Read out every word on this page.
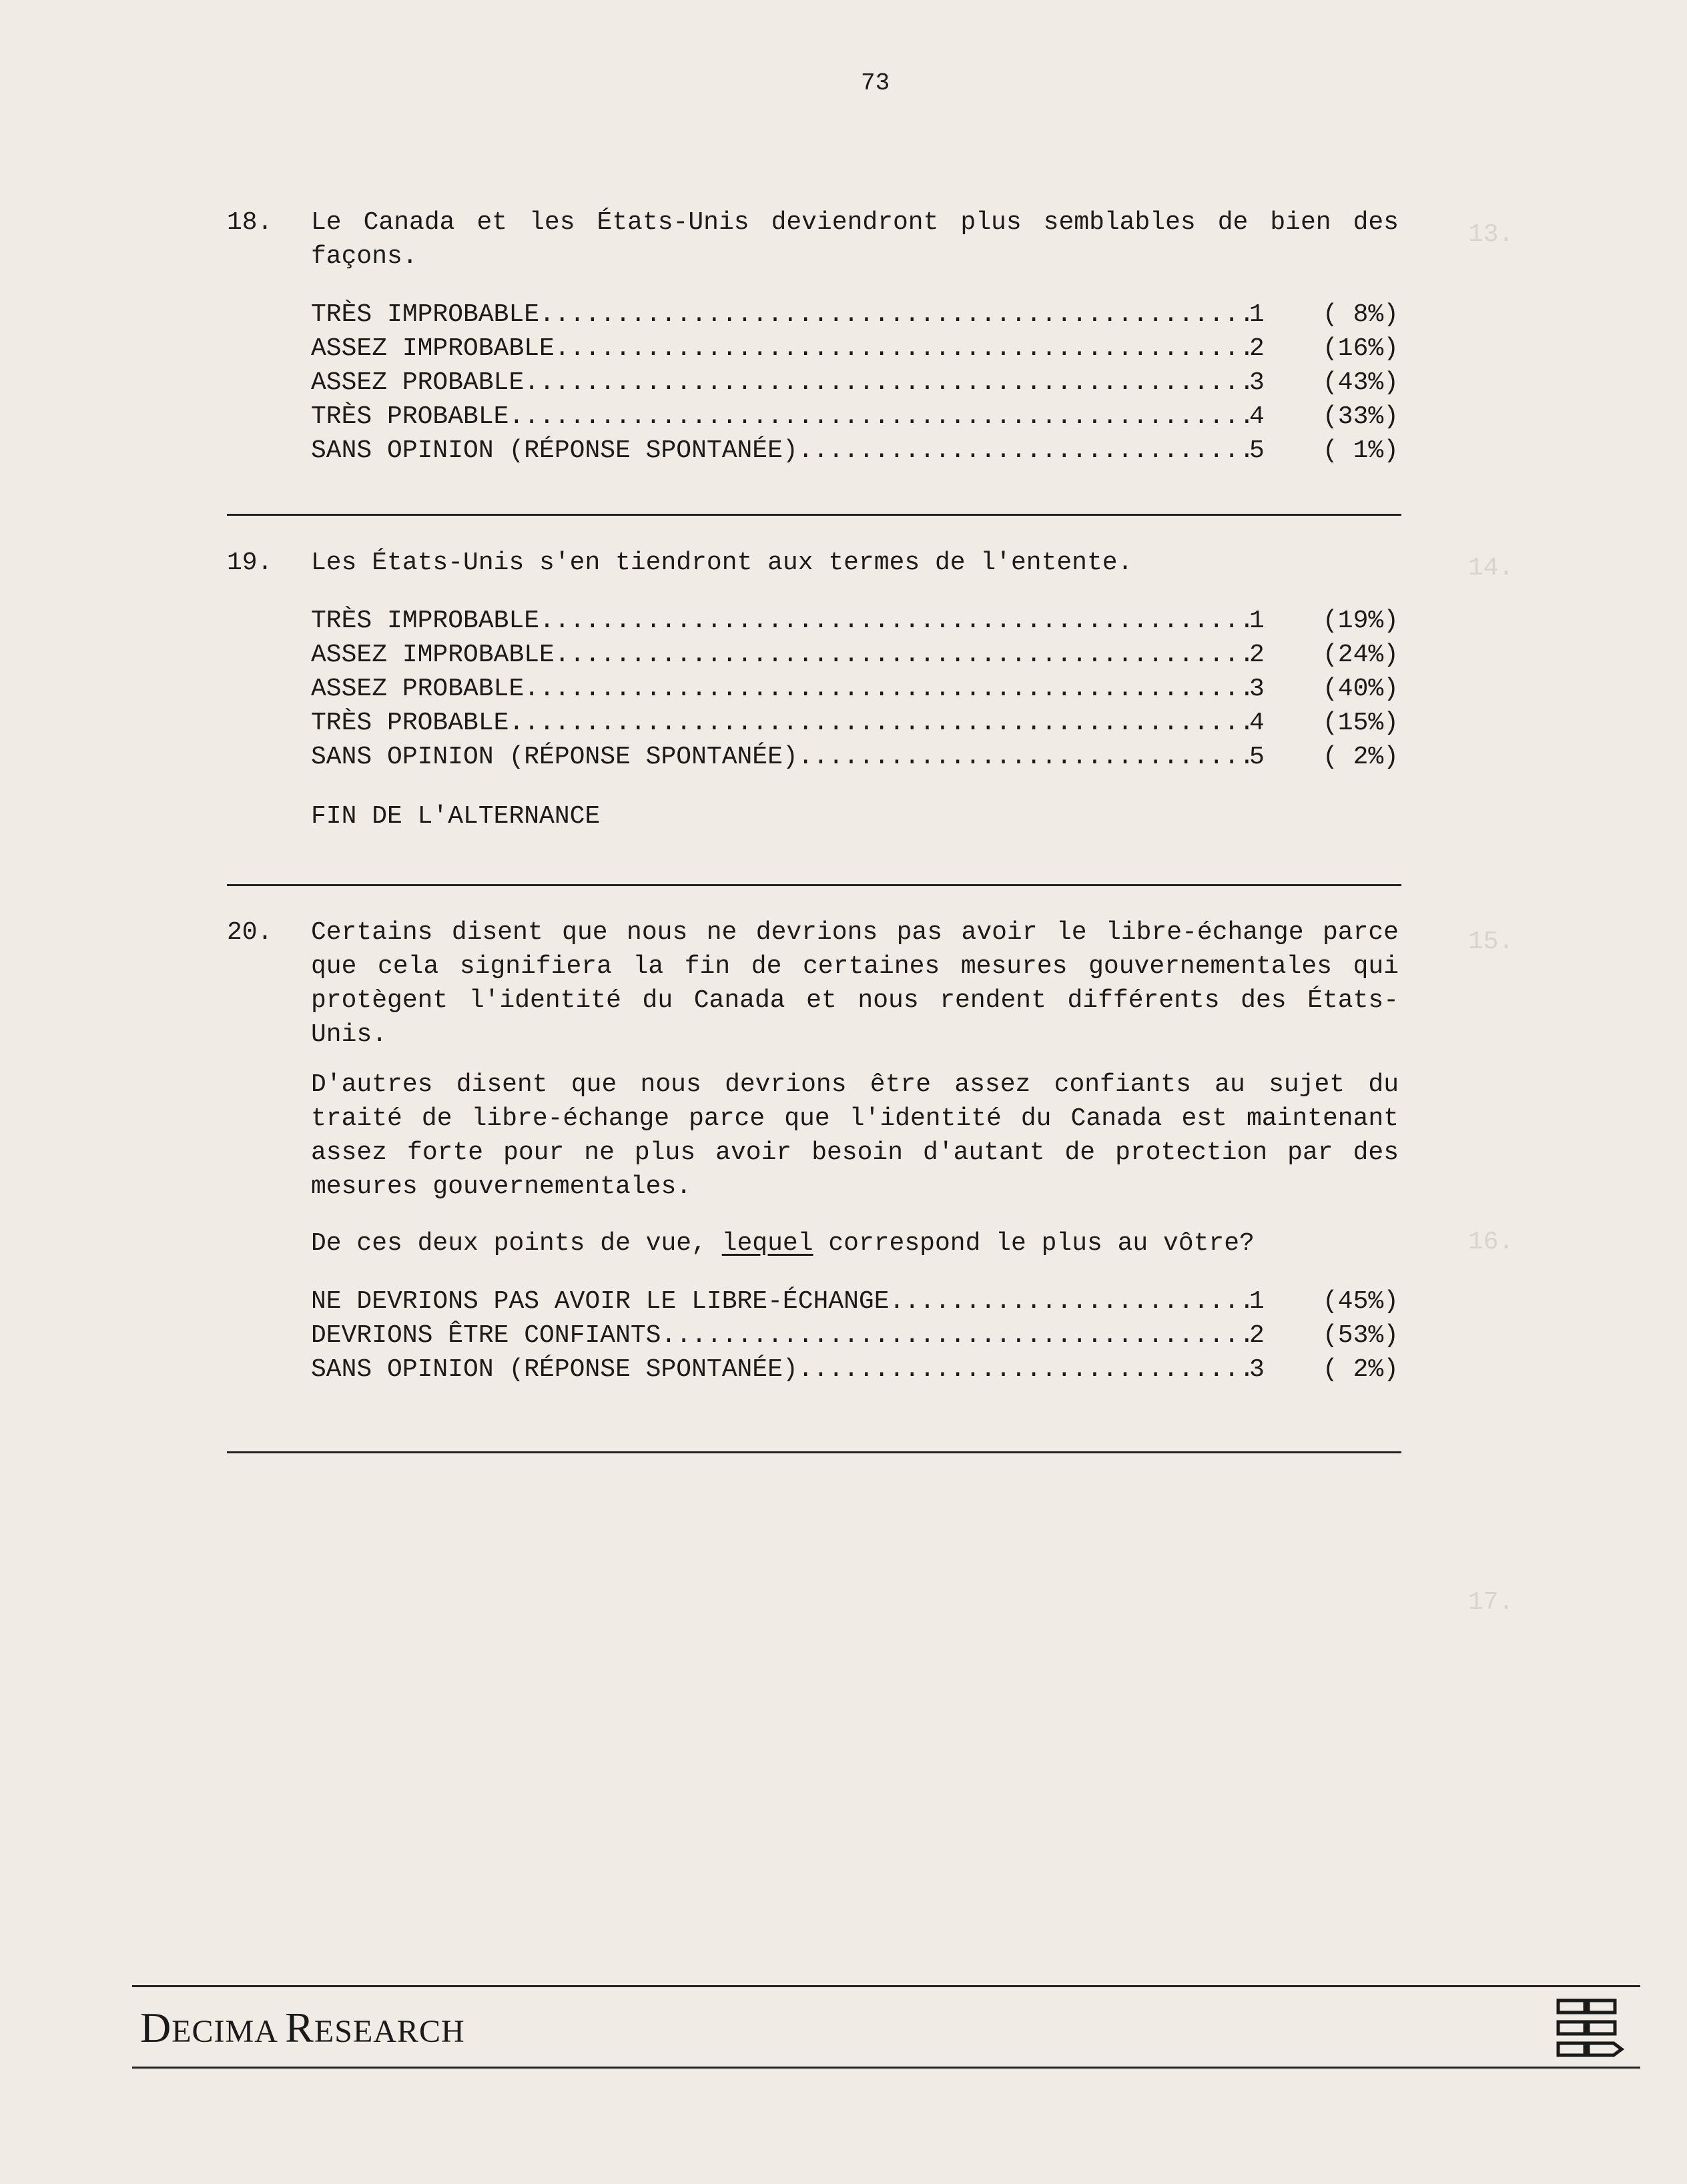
13.
14.
15.
16.
17.
73
18. Le Canada et les États-Unis deviendront plus semblables de bien des façons.

TRÈS IMPROBABLE .....	1	( 8%)
ASSEZ IMPROBABLE .....	2	(16%)
ASSEZ PROBABLE .....	3	(43%)
TRÈS PROBABLE .....	4	(33%)
SANS OPINION (RÉPONSE SPONTANÉE) .....	5	( 1%)
19. Les États-Unis s'en tiendront aux termes de l'entente.

TRÈS IMPROBABLE .....	1	(19%)
ASSEZ IMPROBABLE .....	2	(24%)
ASSEZ PROBABLE .....	3	(40%)
TRÈS PROBABLE .....	4	(15%)
SANS OPINION (RÉPONSE SPONTANÉE) .....	5	( 2%)

FIN DE L'ALTERNANCE

20. Certains disent que nous ne devrions pas avoir le libre-échange parce que cela signifiera la fin de certaines mesures gouvernementales qui protègent l'identité du Canada et nous rendent différents des États-Unis.

D'autres disent que nous devrions être assez confiants au sujet du traité de libre-échange parce que l'identité du Canada est maintenant assez forte pour ne plus avoir besoin d'autant de protection par des mesures gouvernementales.

De ces deux points de vue, lequel correspond le plus au vôtre?

NE DEVRIONS PAS AVOIR LE LIBRE-ÉCHANGE .....	1	(45%)
DEVRIONS ÊTRE CONFIANTS .....	2	(53%)
SANS OPINION (RÉPONSE SPONTANÉE) .....	3	( 2%)
DECIMA RESEARCH
